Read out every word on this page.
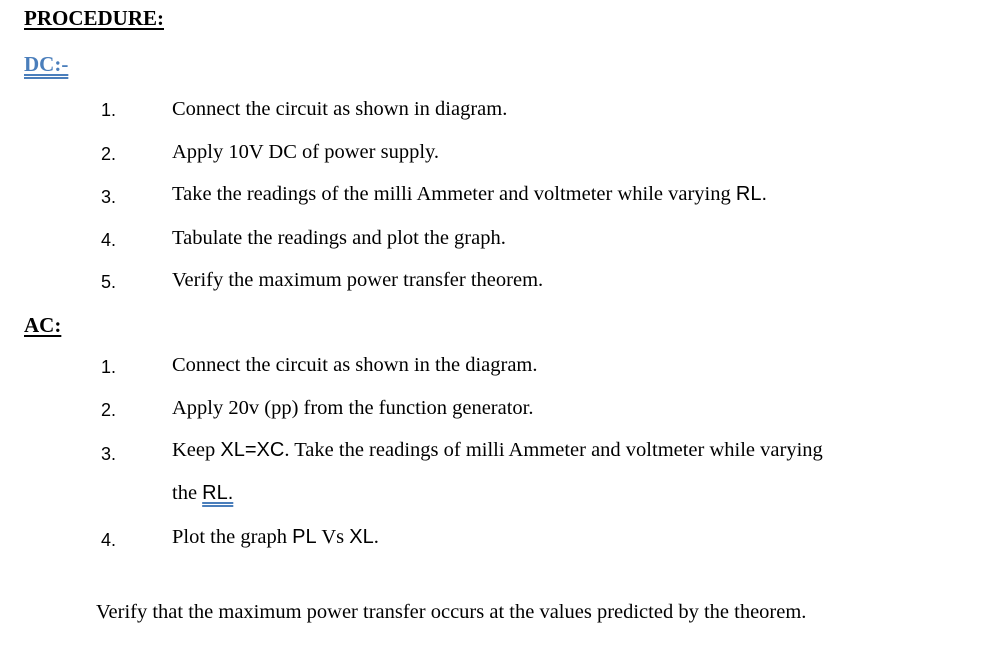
PROCEDURE:
DC:-
1.	Connect the circuit as shown in diagram.
2.	Apply 10V DC of power supply.
3.	Take the readings of the milli Ammeter and voltmeter while varying RL.
4.	Tabulate the readings and plot the graph.
5.	Verify the maximum power transfer theorem.
AC:
1.	Connect the circuit as shown in the diagram.
2.	Apply 20v (pp) from the function generator.
3.	Keep XL=XC. Take the readings of milli Ammeter and voltmeter while varying
the RL.
4.	Plot the graph PL Vs XL.
Verify that the maximum power transfer occurs at the values predicted by the theorem.
